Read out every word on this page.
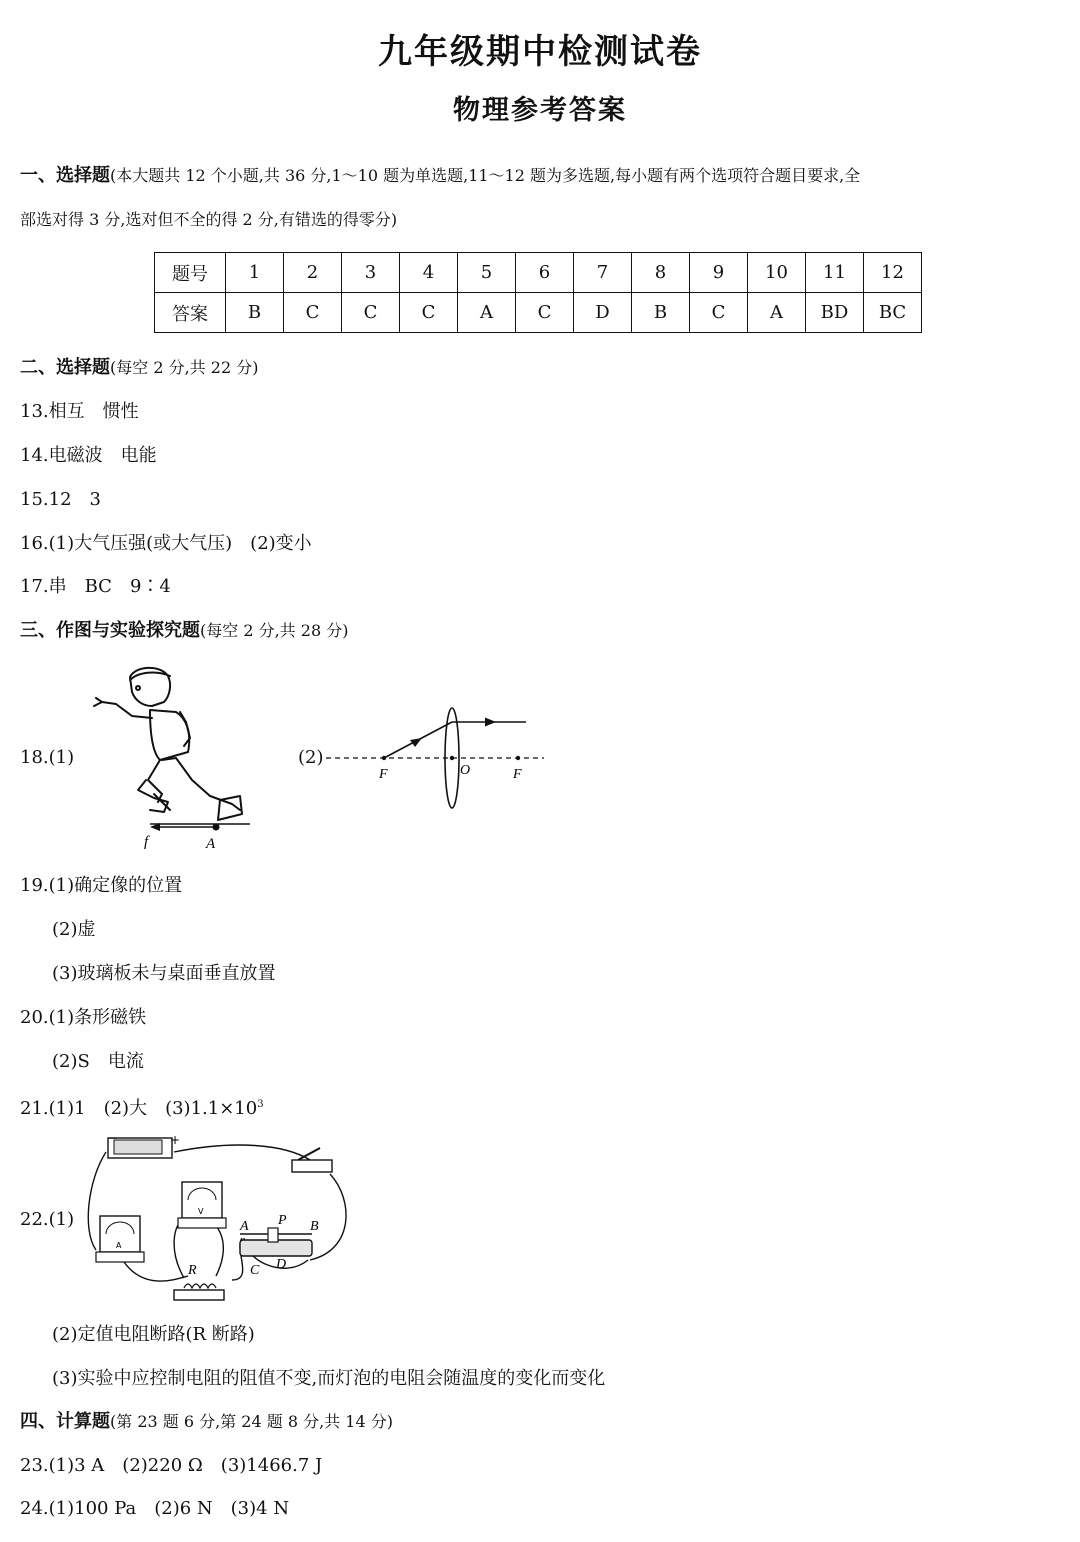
九年级期中检测试卷
物理参考答案
一、选择题(本大题共 12 个小题,共 36 分,1～10 题为单选题,11～12 题为多选题,每小题有两个选项符合题目要求,全
部选对得 3 分,选对但不全的得 2 分,有错选的得零分)
题号	1	2	3	4	5	6	7	8	9	10	11	12
答案	B	C	C	C	A	C	D	B	C	A	BD	BC
二、选择题(每空 2 分,共 22 分)
13.相互　惯性
14.电磁波　电能
15.12　3
16.(1)大气压强(或大气压)　(2)变小
17.串　BC　9∶4
三、作图与实验探究题(每空 2 分,共 28 分)
18.(1)
f	A
(2)
F	O	F
19.(1)确定像的位置
(2)虚
(3)玻璃板未与桌面垂直放置
20.(1)条形磁铁
(2)S　电流
21.(1)1　(2)大　$(3)1.1\times 10^3$
22.(1)
−	+
V
A
R
A P B
C D
(2)定值电阻断路(R 断路)
(3)实验中应控制电阻的阻值不变,而灯泡的电阻会随温度的变化而变化
四、计算题(第 23 题 6 分,第 24 题 8 分,共 14 分)
23.(1)3 A　(2)220 Ω　(3)1466.7 J
24.(1)100 Pa　(2)6 N　(3)4 N
